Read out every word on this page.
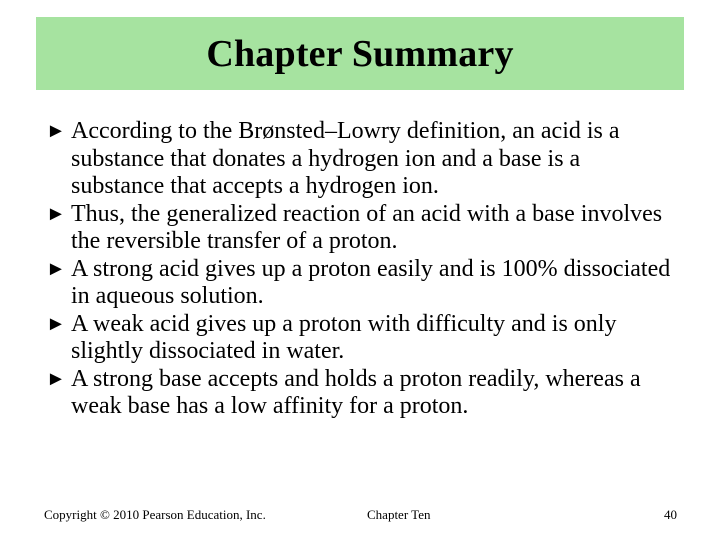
Chapter Summary
► According to the Brønsted–Lowry definition, an acid is a substance that donates a hydrogen ion and a base is a substance that accepts a hydrogen ion.
► Thus, the generalized reaction of an acid with a base involves the reversible transfer of a proton.
► A strong acid gives up a proton easily and is 100% dissociated in aqueous solution.
► A weak acid gives up a proton with difficulty and is only slightly dissociated in water.
► A strong base accepts and holds a proton readily, whereas a weak base has a low affinity for a proton.
Copyright © 2010 Pearson Education, Inc.	Chapter Ten	40
